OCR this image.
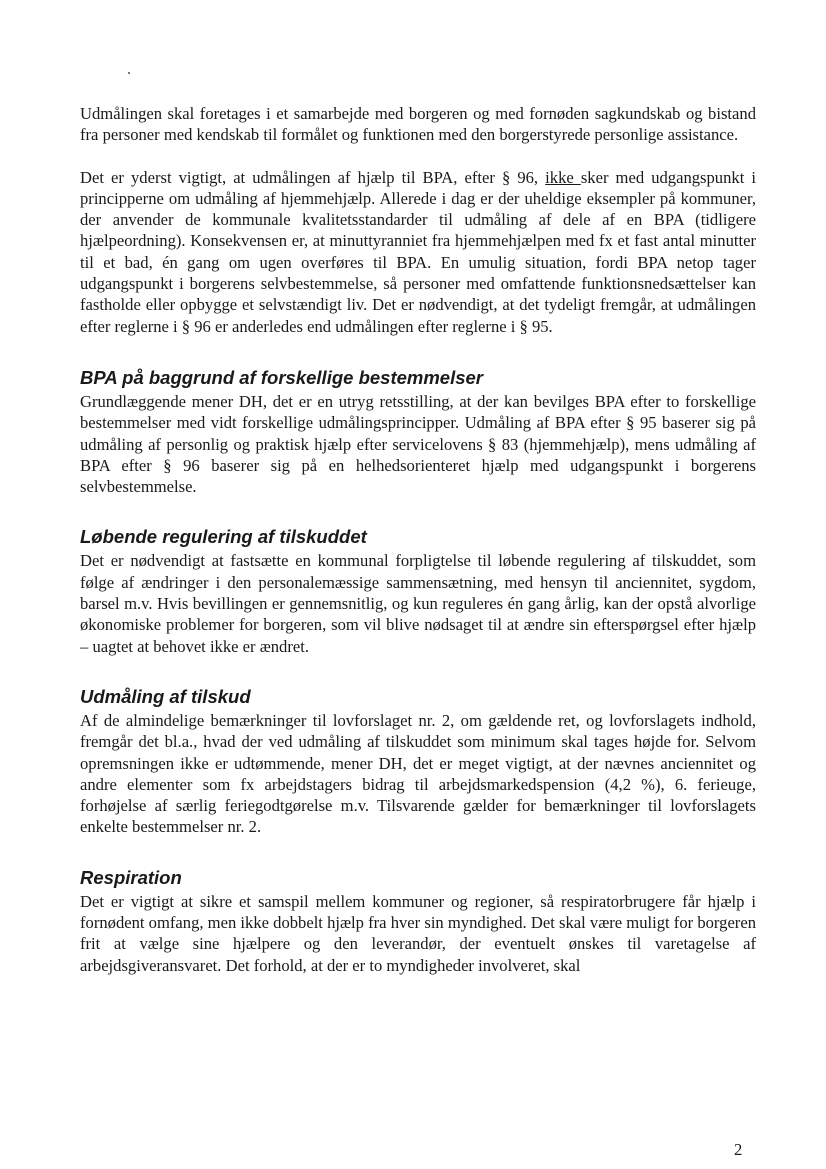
Udmålingen skal foretages i et samarbejde med borgeren og med fornøden sagkundskab og bistand fra personer med kendskab til formålet og funktionen med den borgerstyrede personlige assistance.

Det er yderst vigtigt, at udmålingen af hjælp til BPA, efter § 96, ikke sker med udgangspunkt i principperne om udmåling af hjemmehjælp. Allerede i dag er der uheldige eksempler på kommuner, der anvender de kommunale kvalitetsstandarder til udmåling af dele af en BPA (tidligere hjælpeordning). Konsekvensen er, at minuttyranniet fra hjemmehjælpen med fx et fast antal minutter til et bad, én gang om ugen overføres til BPA. En umulig situation, fordi BPA netop tager udgangspunkt i borgerens selvbestemmelse, så personer med omfattende funktionsnedsættelser kan fastholde eller opbygge et selvstændigt liv. Det er nødvendigt, at det tydeligt fremgår, at udmålingen efter reglerne i § 96 er anderledes end udmålingen efter reglerne i § 95.

BPA på baggrund af forskellige bestemmelser

Grundlæggende mener DH, det er en utryg retsstilling, at der kan bevilges BPA efter to forskellige bestemmelser med vidt forskellige udmålingsprincipper. Udmåling af BPA efter § 95 baserer sig på udmåling af personlig og praktisk hjælp efter servicelovens § 83 (hjemmehjælp), mens udmåling af BPA efter § 96 baserer sig på en helhedsorienteret hjælp med udgangspunkt i borgerens selvbestemmelse.

Løbende regulering af tilskuddet

Det er nødvendigt at fastsætte en kommunal forpligtelse til løbende regulering af tilskuddet, som følge af ændringer i den personalemæssige sammensætning, med hensyn til anciennitet, sygdom, barsel m.v. Hvis bevillingen er gennemsnitlig, og kun reguleres én gang årlig, kan der opstå alvorlige økonomiske problemer for borgeren, som vil blive nødsaget til at ændre sin efterspørgsel efter hjælp – uagtet at behovet ikke er ændret.

Udmåling af tilskud

Af de almindelige bemærkninger til lovforslaget nr. 2, om gældende ret, og lovforslagets indhold, fremgår det bl.a., hvad der ved udmåling af tilskuddet som minimum skal tages højde for. Selvom opremsningen ikke er udtømmende, mener DH, det er meget vigtigt, at der nævnes anciennitet og andre elementer som fx arbejdstagers bidrag til arbejdsmarkedspension (4,2 %), 6. ferieuge, forhøjelse af særlig feriegodtgørelse m.v. Tilsvarende gælder for bemærkninger til lovforslagets enkelte bestemmelser nr. 2.

Respiration

Det er vigtigt at sikre et samspil mellem kommuner og regioner, så respiratorbrugere får hjælp i fornødent omfang, men ikke dobbelt hjælp fra hver sin myndighed. Det skal være muligt for borgeren frit at vælge sine hjælpere og den leverandør, der eventuelt ønskes til varetagelse af arbejdsgiveransvaret. Det forhold, at der er to myndigheder involveret, skal

2
